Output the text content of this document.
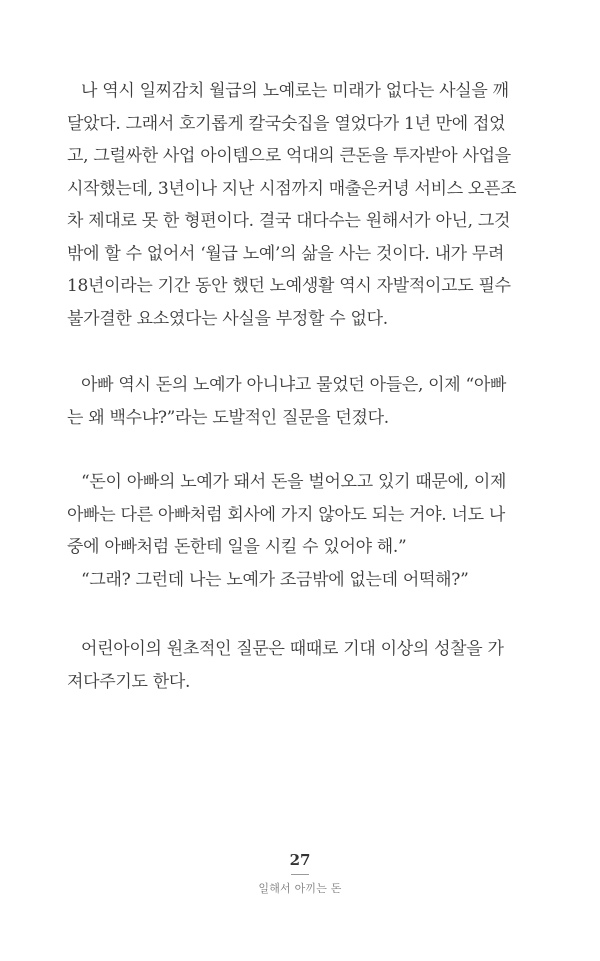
나 역시 일찌감치 월급의 노예로는 미래가 없다는 사실을 깨
달았다. 그래서 호기롭게 칼국숫집을 열었다가 1년 만에 접었
고, 그럴싸한 사업 아이템으로 억대의 큰돈을 투자받아 사업을
시작했는데, 3년이나 지난 시점까지 매출은커녕 서비스 오픈조
차 제대로 못 한 형편이다. 결국 대다수는 원해서가 아닌, 그것
밖에 할 수 없어서 ‘월급 노예’의 삶을 사는 것이다. 내가 무려
18년이라는 기간 동안 했던 노예생활 역시 자발적이고도 필수
불가결한 요소였다는 사실을 부정할 수 없다.

아빠 역시 돈의 노예가 아니냐고 물었던 아들은, 이제 “아빠
는 왜 백수냐?”라는 도발적인 질문을 던졌다.

“돈이 아빠의 노예가 돼서 돈을 벌어오고 있기 때문에, 이제
아빠는 다른 아빠처럼 회사에 가지 않아도 되는 거야. 너도 나
중에 아빠처럼 돈한테 일을 시킬 수 있어야 해.”

“그래? 그런데 나는 노예가 조금밖에 없는데 어떡해?”

어린아이의 원초적인 질문은 때때로 기대 이상의 성찰을 가
져다주기도 한다.

27
일해서 아끼는 돈
